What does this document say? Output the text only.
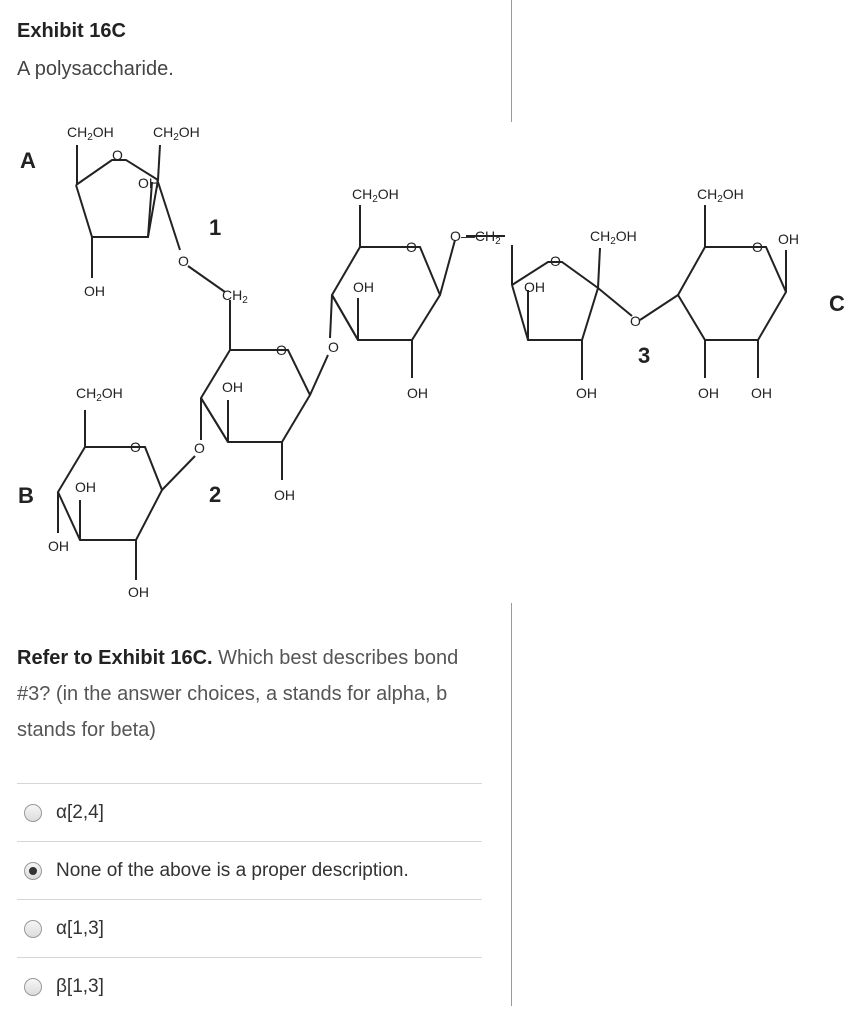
Exhibit 16C
A polysaccharide.
A
B
C
1
2
3
O
O
O	O
O	O
O
O
O
O
$O—CH_2$
$CH_2$
$CH_2OH$	$CH_2OH$
$CH_2OH$	$CH_2OH$
$CH_2OH$
$CH_2OH$
OH
OH	OH
OH
OH
OH
OH
OH
OH
OH
OH
OH
OH OH

Refer to Exhibit 16C. Which best describes bond #3? (in the answer choices, a stands for alpha, b stands for beta)

α[2,4]
None of the above is a proper description.
α[1,3]
β[1,3]
